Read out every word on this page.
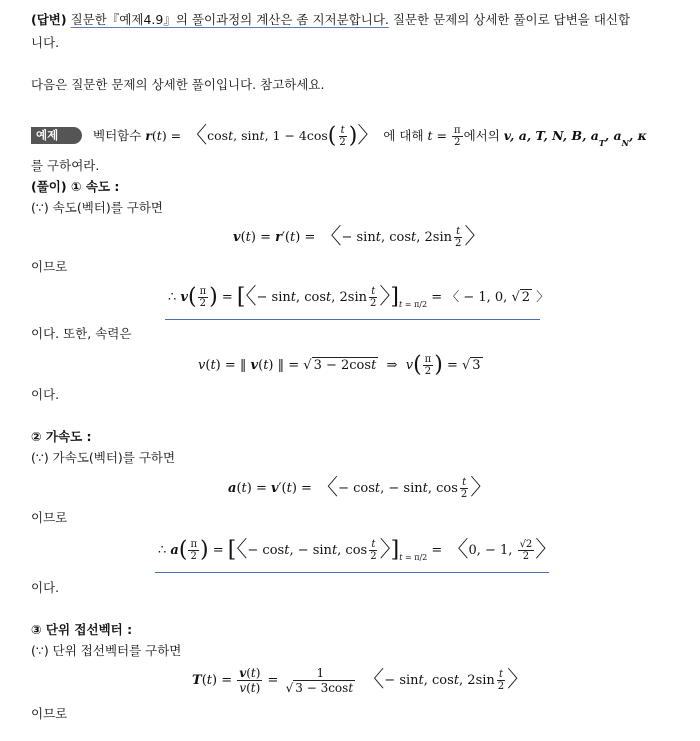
(답변) 질문한『예제4.9』의 풀이과정의 계산은 좀 지저분합니다. 질문한 문제의 상세한 풀이로 답변을 대신합
니다.
다음은 질문한 문제의 상세한 풀이입니다. 참고하세요.
예제 4.9
벡터함수 r(t) = 〈cost, sint, $1 - 4\cos( \frac{t}{2}$ )〉 에 대해 $t = \frac{\pi}{2}$ 에서의 v, a, T, N, B, $a_T$, $a_N$, κ
를 구하여라.
(풀이) ① 속도 :
(∵) 속도(벡터)를 구하면
v(t) = r′(t) = 〈− sint, cost, $2\sin \frac{t}{2}$ 〉
이므로
∴ $v( \frac{\pi}{2}$ ) = [〈− sint, cost, $2\sin \frac{t}{2}$ 〉]$_{t = \pi/2}$ = 〈 − 1, 0, √ 2 〉
이다. 또한, 속력은
v(t) = ‖ v(t) ‖ = √ 3 − 2cost  ⇒  $v( \frac{\pi}{2}$ ) = √ 3
이다.
② 가속도 :
(∵) 가속도(벡터)를 구하면
a(t) = v′(t) = 〈− cost, − sint, $\cos \frac{t}{2}$ 〉
이므로
∴ $a( \frac{\pi}{2}$ ) = [〈− cost, − sint, $\cos \frac{t}{2}$ 〉]$_{t = \pi/2}$ = 〈0, − 1, $\frac{√2}{2}$ 〉
이다.
③ 단위 접선벡터 :
(∵) 단위 접선벡터를 구하면
$T(t) = \frac{v(t)}{v(t)} = \frac{1}{√ 3 - 3\cos t}$ 〈− sint, cost, $2\sin \frac{t}{2}$ 〉
이므로
